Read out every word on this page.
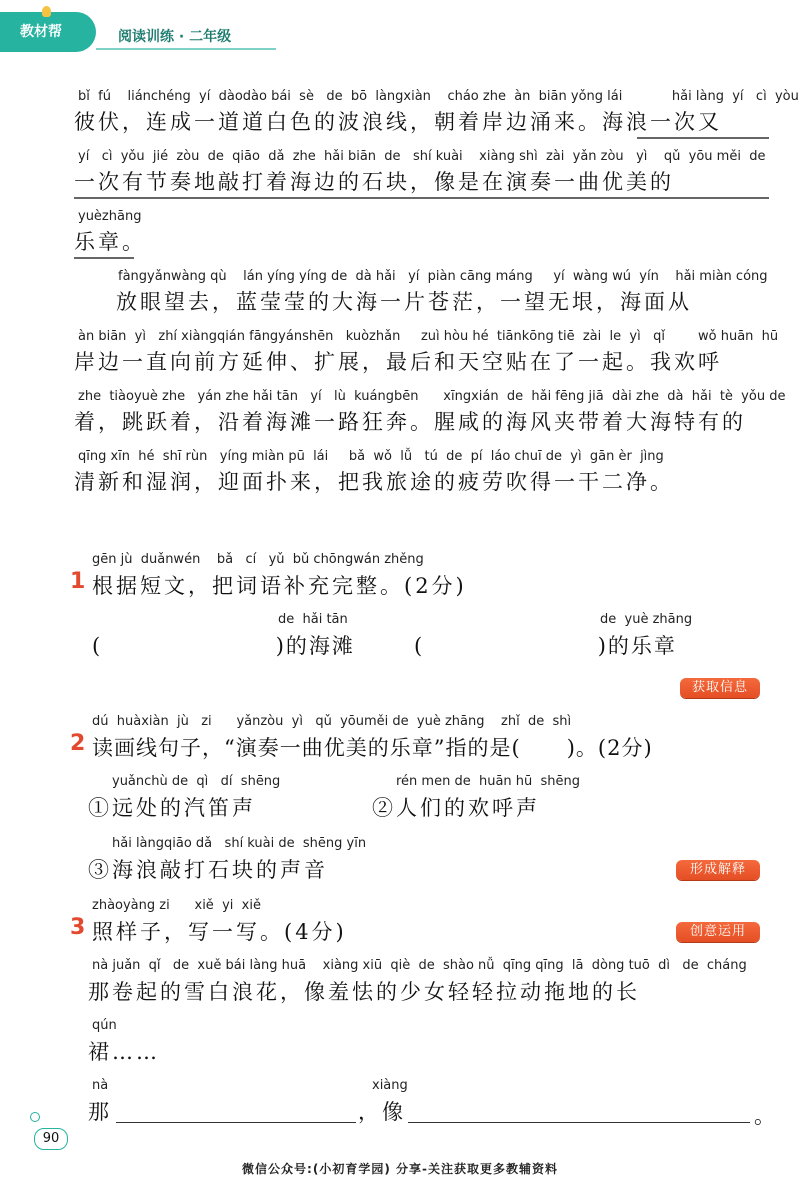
教材帮	阅读训练 · 二年级
bǐ  fú    liánchéng  yí  dàodào bái  sè   de  bō  làngxiàn    cháo zhe  àn  biān yǒng lái            hǎi làng  yí   cì  yòu
彼伏，连成一道道白色的波浪线，朝着岸边涌来。海浪一次又
yí   cì  yǒu  jié  zòu  de  qiāo  dǎ  zhe  hǎi biān  de   shí kuài    xiàng shì  zài  yǎn zòu   yì    qǔ  yōu měi  de
一次有节奏地敲打着海边的石块，像是在演奏一曲优美的
yuèzhāng
乐章。
fàngyǎnwàng qù    lán yíng yíng de  dà hǎi   yí  piàn cāng máng     yí  wàng wú  yín    hǎi miàn cóng
放眼望去，蓝莹莹的大海一片苍茫，一望无垠，海面从
àn biān  yì   zhí xiàngqián fāngyánshēn   kuòzhǎn     zuì hòu hé  tiānkōng tiē  zài  le  yì   qǐ        wǒ huān  hū
岸边一直向前方延伸、扩展，最后和天空贴在了一起。我欢呼
zhe  tiàoyuè zhe   yán zhe hǎi tān   yí   lù  kuángbēn      xīngxián  de  hǎi fēng jiā  dài zhe  dà  hǎi  tè  yǒu de
着，跳跃着，沿着海滩一路狂奔。腥咸的海风夹带着大海特有的
qīng xīn  hé  shī rùn   yíng miàn pū  lái     bǎ  wǒ  lǚ   tú  de  pí  láo chuī de  yì  gān èr  jìng
清新和湿润，迎面扑来，把我旅途的疲劳吹得一干二净。
gēn jù  duǎnwén    bǎ   cí   yǔ  bǔ chōngwán zhěng
1 根据短文，把词语补充完整。(2分)
de  hǎi tān
(                    )的海滩
de  yuè zhāng
(                    )的乐章
获取信息
dú  huàxiàn  jù   zi      yǎnzòu  yì   qǔ  yōuměi de  yuè zhāng    zhǐ  de  shì
2 读画线句子，“演奏一曲优美的乐章”指的是(      )。(2分)
yuǎnchù de  qì   dí  shēng
①远处的汽笛声
rén men de  huān hū  shēng
②人们的欢呼声
hǎi làngqiāo dǎ   shí kuài de  shēng yīn
③海浪敲打石块的声音	形成解释
zhàoyàng zi      xiě  yi  xiě
3 照样子，写一写。(4分)	创意运用
nà juǎn  qǐ   de  xuě bái làng huā    xiàng xiū  qiè  de  shào nǚ  qīng qīng  lā  dòng tuō  dì   de  cháng
那卷起的雪白浪花，像羞怯的少女轻轻拉动拖地的长
qún
裙……
nà
那
xiàng
，像	。
90
微信公众号:(小初育学园) 分享-关注获取更多教辅资料
